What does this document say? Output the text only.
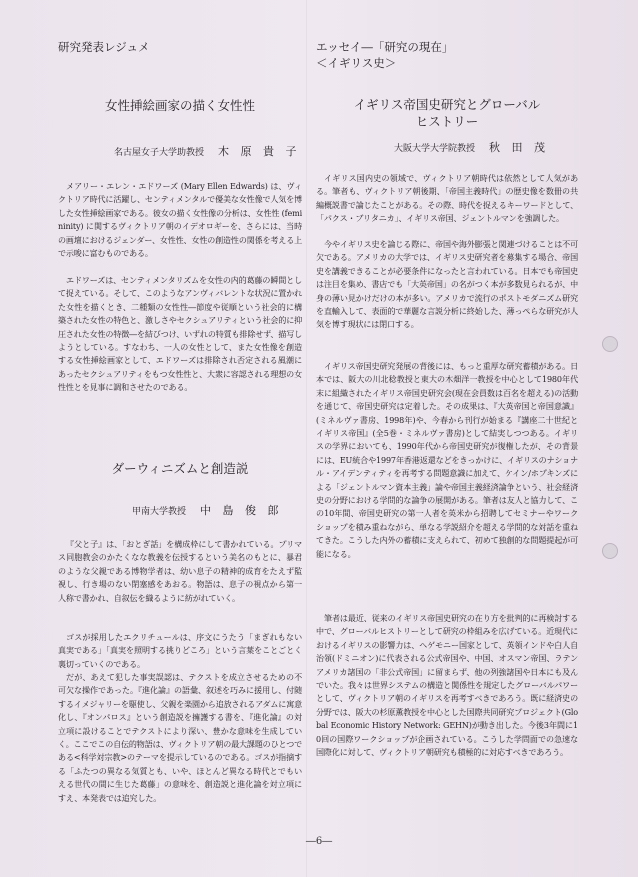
研究発表レジュメ
女性挿絵画家の描く女性性
名古屋女子大学助教授 木 原 貴 子
メアリー・エレン・エドワーズ (Mary Ellen Edwards) は、ヴィクトリア時代に活躍し、センティメンタルで優美な女性像で人気を博した女性挿絵画家である。彼女の描く女性像の分析は、女性性 (femininity) に関するヴィクトリア朝のイデオロギーを、さらには、当時の画壇におけるジェンダー、女性性、女性の創造性の関係を考える上で示唆に富むものである。
エドワーズは、センティメンタリズムを女性の内的葛藤の瞬間として捉えている。そして、このようなアンヴィバレントな状況に置かれた女性を描くとき、二種類の女性性―節度や従順という社会的に構築された女性の特色と、激しさやセクシュアリティという社会的に抑圧された女性の特徴―を結びつけ、いずれの特質も排除せず、描写しようとしている。すなわち、一人の女性として、また女性像を創造する女性挿絵画家として、エドワーズは排除され否定される風潮にあったセクシュアリティをもつ女性性と、大衆に容認される理想の女性性とを見事に調和させたのである。
ダーウィニズムと創造説
甲南大学教授 中 島 俊 郎
『父と子』は、「おとぎ話」を構成枠にして書かれている。プリマス同胞教会のかたくなな教義を伝授するという美名のもとに、暴君のような父親である博物学者は、幼い息子の精神的成育をたえず監視し、行き場のない閉塞感をあおる。物語は、息子の視点から第一人称で書かれ、自叙伝を織るように紡がれていく。
ゴスが採用したエクリチュールは、序文にうたう「まぎれもない真実である」「真実を照明する挑りどころ」という言葉をことごとく裏切っていくのである。
だが、あえて犯した事実誤認は、テクストを成立させるための不可欠な操作であった。『進化論』の語彙、叙述を巧みに援用し、付随するイメジャリーを駆使し、父親を楽園から追放されるアダムに寓意化し、『オンパロス』という創造説を擁護する書を、『進化論』の対立項に設けることでテクストにより深い、豊かな意味を生成していく。ここでこの自伝的物語は、ヴィクトリア朝の最大課題のひとつである<科学対宗教>のテーマを提示しているのである。ゴスが指摘する「ふたつの異なる気質とも、いや、ほとんど異なる時代とでもいえる世代の間に生じた葛藤」の意味を、創造説と進化論を対立項にすえ、本発表では追究した。
エッセイ―「研究の現在」
＜イギリス史＞
イギリス帝国史研究とグローバル
ヒストリー
大阪大学大学院教授 秋 田 茂
イギリス国内史の領域で、ヴィクトリア朝時代は依然として人気がある。筆者も、ヴィクトリア朝後期、「帝国主義時代」の歴史像を数冊の共編概説書で論じたことがある。その際、時代を捉えるキーワードとして、「パクス・ブリタニカ」、イギリス帝国、ジェントルマンを強調した。
今やイギリス史を論じる際に、帝国や海外膨張と関連づけることは不可欠である。アメリカの大学では、イギリス史研究者を募集する場合、帝国史を講義できることが必要条件になったと言われている。日本でも帝国史は注目を集め、書店でも「大英帝国」の名がつく本が多数見られるが、中身の薄い見かけだけの本が多い。アメリカで流行のポストモダニズム研究を直輸入して、表面的で華麗な言説分析に終始した、薄っぺらな研究が人気を博す現状には閉口する。
イギリス帝国史研究発展の背後には、もっと重厚な研究蓄積がある。日本では、阪大の川北稔教授と東大の木畑洋一教授を中心として1980年代末に組織されたイギリス帝国史研究会(現在会員数は百名を超える)の活動を通じて、帝国史研究は定着した。その成果は、『大英帝国と帝国意識』(ミネルヴァ書房、1998年)や、今春から刊行が始まる『講座二十世紀とイギリス帝国』(全5巻・ミネルヴァ書房)として結実しつつある。イギリスの学界においても、1990年代から帝国史研究が復権したが、その背景には、EU統合や1997年香港返還などをきっかけに、イギリスのナショナル・アイデンティティを再考する問題意識に加えて、ケイン/ホプキンズによる「ジェントルマン資本主義」論や帝国主義経済論争という、社会経済史の分野における学問的な論争の展開がある。筆者は友人と協力して、この10年間、帝国史研究の第一人者を英米から招聘してセミナーやワークショップを積み重ねながら、単なる学説紹介を超える学問的な対話を重ねてきた。こうした内外の蓄積に支えられて、初めて独創的な問題提起が可能になる。
筆者は最近、従来のイギリス帝国史研究の在り方を批判的に再検討する中で、グローバルヒストリーとして研究の枠組みを広げている。近現代におけるイギリスの影響力は、ヘゲモニー国家として、英領インドや白人自治領(ドミニオン)に代表される公式帝国や、中国、オスマン帝国、ラテンアメリカ諸国の「非公式帝国」に留まらず、他の列強諸国や日本にも及んでいた。我々は世界システムの構造と関係性を規定したグローバルパワーとして、ヴィクトリア朝のイギリスを再考すべきであろう。既に経済史の分野では、阪大の杉原薫教授を中心とした国際共同研究プロジェクト(Global Economic History Network: GEHN)が動き出した。今後3年間に10回の国際ワークショップが企画されている。こうした学問面での急速な国際化に対して、ヴィクトリア朝研究も積極的に対応すべきであろう。
―6―
